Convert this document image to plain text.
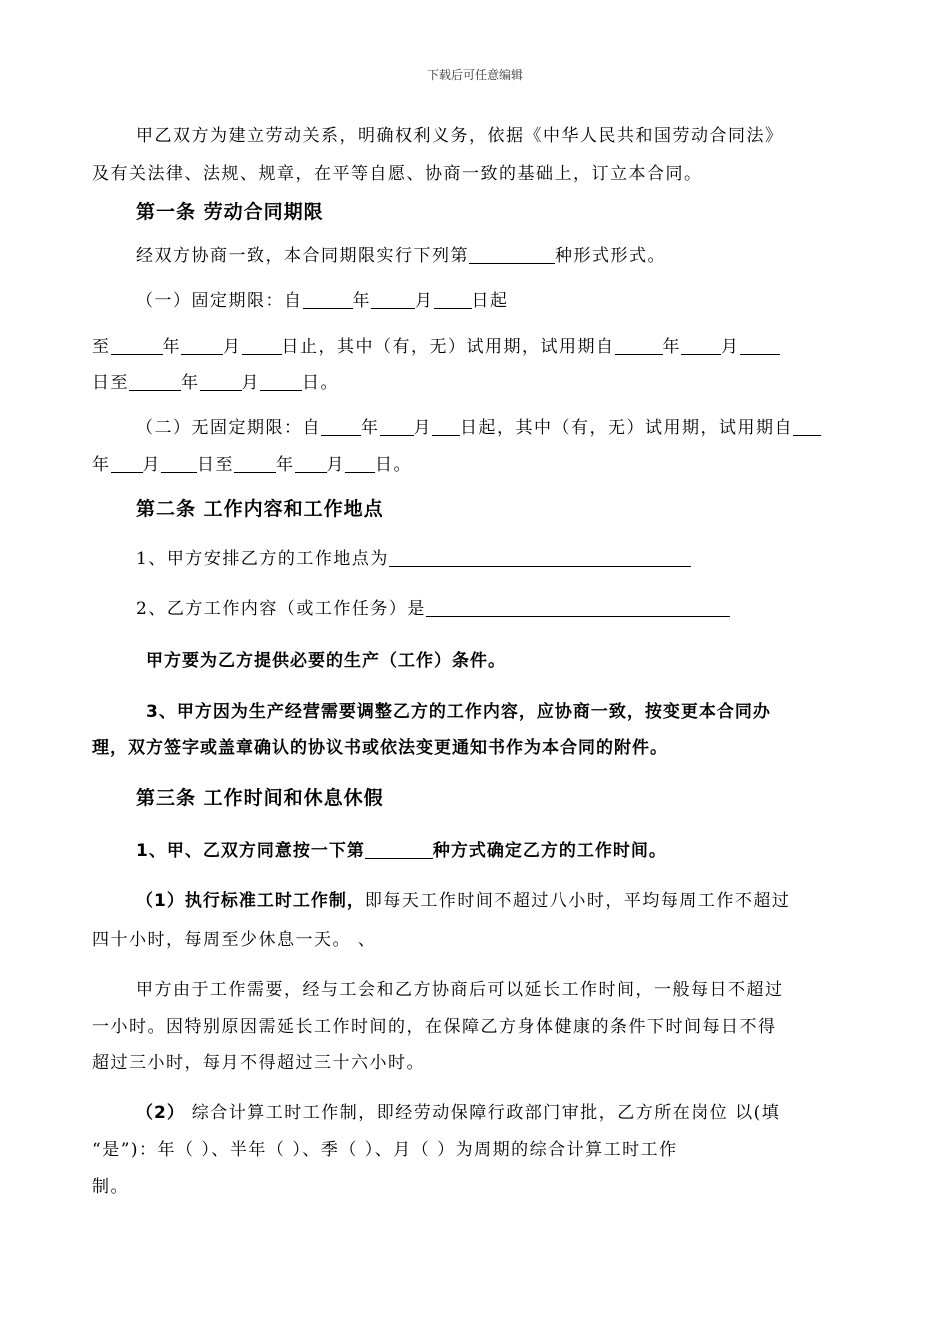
下载后可任意编辑
甲乙双方为建立劳动关系，明确权利义务，依据《中华人民共和国劳动合同法》
及有关法律、法规、规章，在平等自愿、协商一致的基础上，订立本合同。
第一条 劳动合同期限
经双方协商一致，本合同期限实行下列第	种形式形式。
（一）固定期限：自	年	月 日起
至	年 月 日止，其中（有，无）试用期，试用期自	年 月
日至	年 月 日。
（二）无固定期限：自 年 月 日起，其中（有，无）试用期，试用期自
年 月 日至 年 月 日。
第二条 工作内容和工作地点
1、甲方安排乙方的工作地点为
2、乙方工作内容（或工作任务）是
甲方要为乙方提供必要的生产（工作）条件。
3、甲方因为生产经营需要调整乙方的工作内容，应协商一致，按变更本合同办
理，双方签字或盖章确认的协议书或依法变更通知书作为本合同的附件。
第三条 工作时间和休息休假
1、甲、乙双方同意按一下第	种方式确定乙方的工作时间。
（1）执行标准工时工作制，即每天工作时间不超过八小时，平均每周工作不超过
四十小时，每周至少休息一天。 、
甲方由于工作需要，经与工会和乙方协商后可以延长工作时间，一般每日不超过
一小时。因特别原因需延长工作时间的，在保障乙方身体健康的条件下时间每日不得
超过三小时，每月不得超过三十六小时。
（2） 综合计算工时工作制，即经劳动保障行政部门审批，乙方所在岗位 以(填
“是”)：年（ ）、半年（ ）、季（ ）、月（ ）为周期的综合计算工时工作
制。
